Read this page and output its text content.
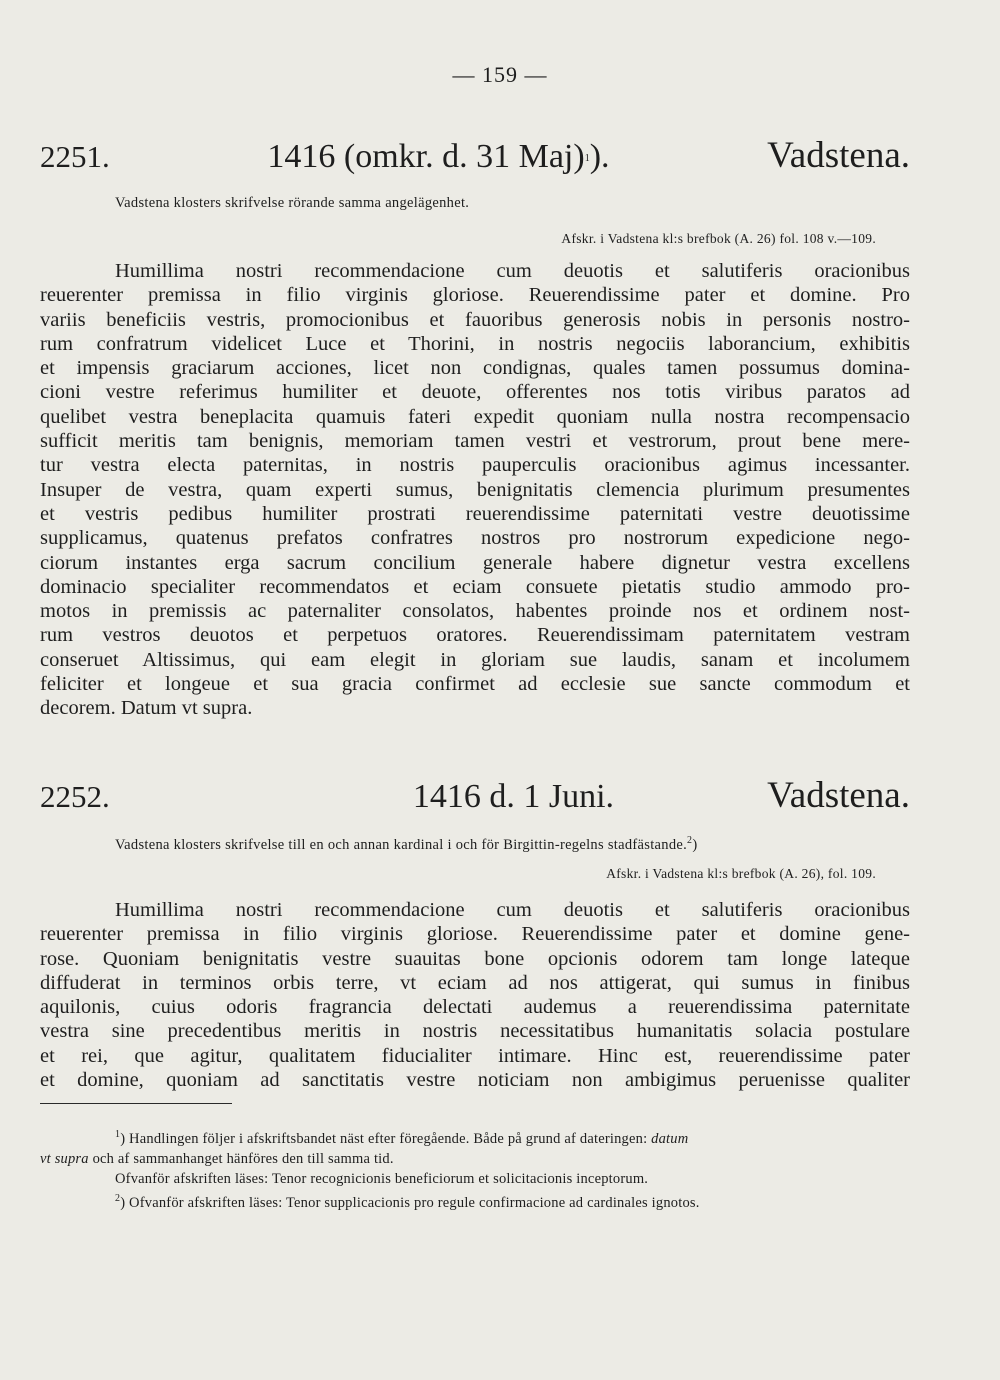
— 159 —
2251.	1416 (omkr. d. 31 Maj)$^1$).	Vadstena.
Vadstena klosters skrifvelse rörande samma angelägenhet.
Afskr. i Vadstena kl:s brefbok (A. 26) fol. 108 v.—109.
Humillima nostri recommendacione cum deuotis et salutiferis oracionibus
reuerenter premissa in filio virginis gloriose. Reuerendissime pater et domine. Pro
variis beneficiis vestris, promocionibus et fauoribus generosis nobis in personis nostro-
rum confratrum videlicet Luce et Thorini, in nostris negociis laborancium, exhibitis
et impensis graciarum acciones, licet non condignas, quales tamen possumus domina-
cioni vestre referimus humiliter et deuote, offerentes nos totis viribus paratos ad
quelibet vestra beneplacita quamuis fateri expedit quoniam nulla nostra recompensacio
sufficit meritis tam benignis, memoriam tamen vestri et vestrorum, prout bene mere-
tur vestra electa paternitas, in nostris pauperculis oracionibus agimus incessanter.
Insuper de vestra, quam experti sumus, benignitatis clemencia plurimum presumentes
et vestris pedibus humiliter prostrati reuerendissime paternitati vestre deuotissime
supplicamus, quatenus prefatos confratres nostros pro nostrorum expedicione nego-
ciorum instantes erga sacrum concilium generale habere dignetur vestra excellens
dominacio specialiter recommendatos et eciam consuete pietatis studio ammodo pro-
motos in premissis ac paternaliter consolatos, habentes proinde nos et ordinem nost-
rum vestros deuotos et perpetuos oratores. Reuerendissimam paternitatem vestram
conseruet Altissimus, qui eam elegit in gloriam sue laudis, sanam et incolumem
feliciter et longeue et sua gracia confirmet ad ecclesie sue sancte commodum et
decorem. Datum vt supra.
2252.	1416 d. 1 Juni.	Vadstena.
Vadstena klosters skrifvelse till en och annan kardinal i och för Birgittin-regelns stadfästande.$^2$)
Afskr. i Vadstena kl:s brefbok (A. 26), fol. 109.
Humillima nostri recommendacione cum deuotis et salutiferis oracionibus
reuerenter premissa in filio virginis gloriose. Reuerendissime pater et domine gene-
rose. Quoniam benignitatis vestre suauitas bone opcionis odorem tam longe lateque
diffuderat in terminos orbis terre, vt eciam ad nos attigerat, qui sumus in finibus
aquilonis, cuius odoris fragrancia delectati audemus a reuerendissima paternitate
vestra sine precedentibus meritis in nostris necessitatibus humanitatis solacia postulare
et rei, que agitur, qualitatem fiducialiter intimare. Hinc est, reuerendissime pater
et domine, quoniam ad sanctitatis vestre noticiam non ambigimus peruenisse qualiter
$^1$) Handlingen följer i afskriftsbandet näst efter föregående. Både på grund af dateringen: datum
vt supra och af sammanhanget hänföres den till samma tid.
Ofvanför afskriften läses: Tenor recognicionis beneficiorum et solicitacionis inceptorum.
$^2$) Ofvanför afskriften läses: Tenor supplicacionis pro regule confirmacione ad cardinales ignotos.
